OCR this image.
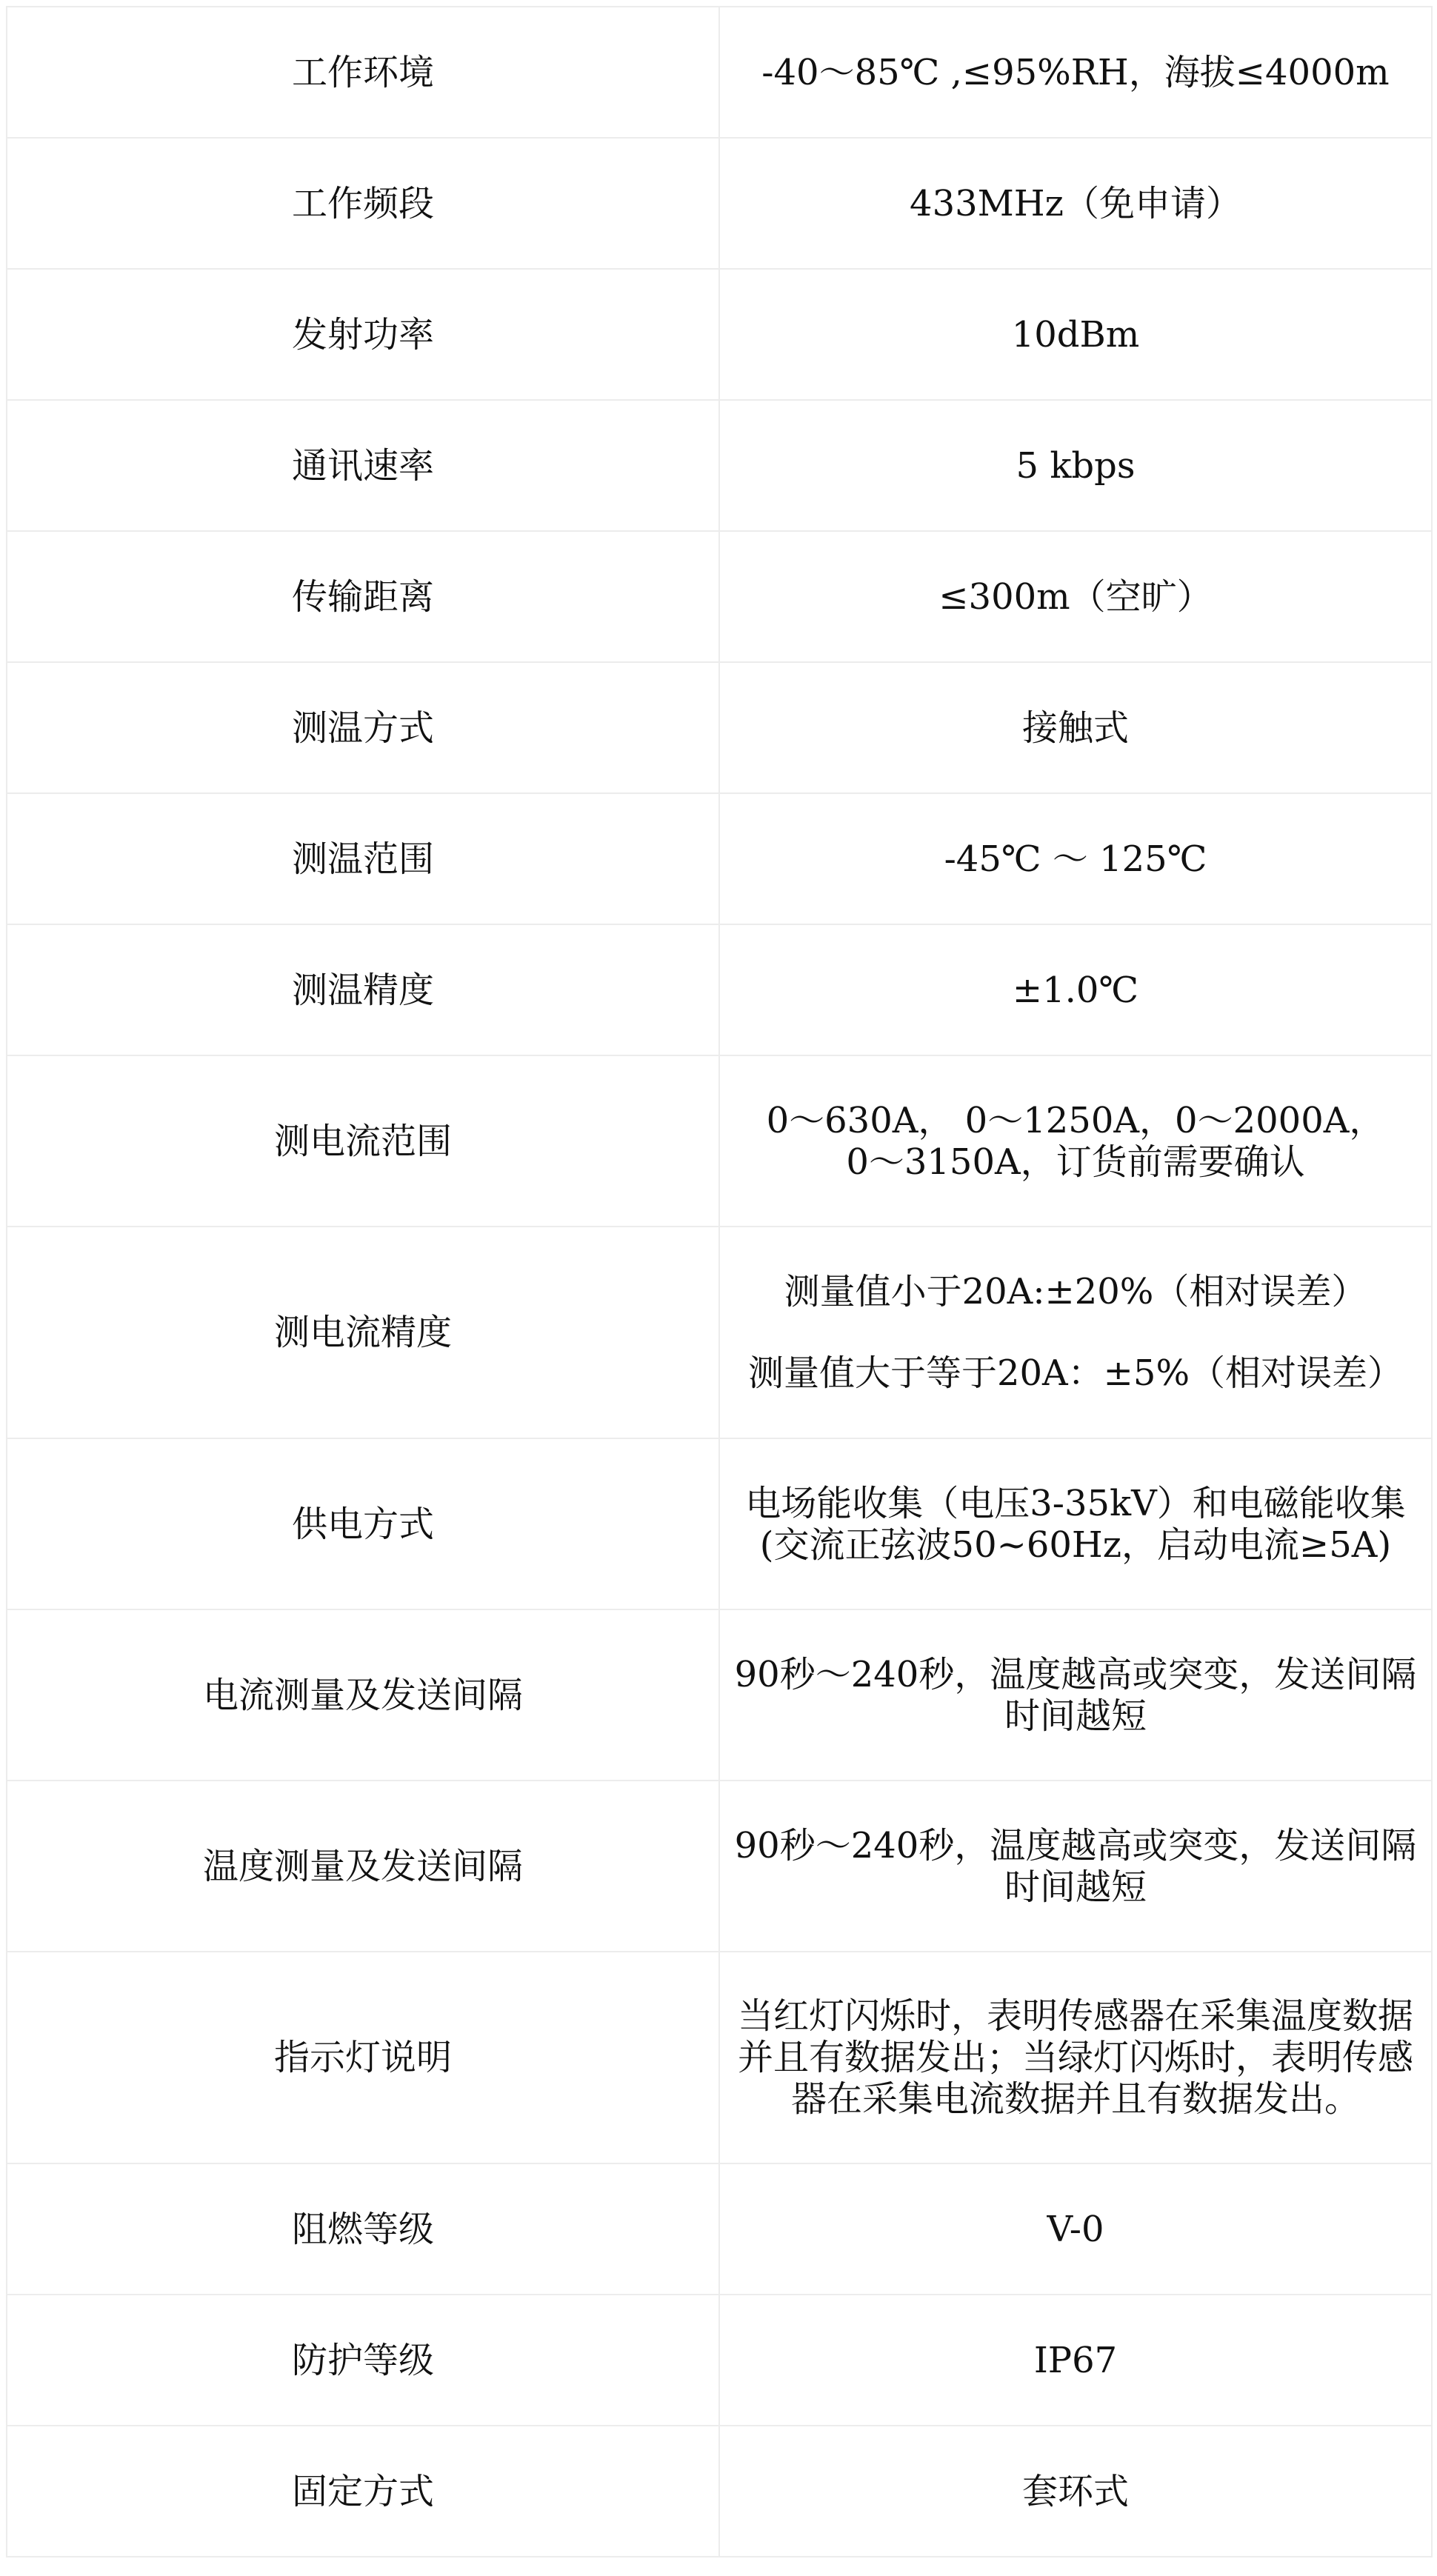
工作环境	-40～85℃ ,≤95%RH，海拔≤4000m

工作频段	433MHz（免申请）

发射功率	10dBm

通讯速率	5 kbps

传输距离	≤300m（空旷）

测温方式	接触式

测温范围	-45℃ ～ 125℃

测温精度	±1.0℃

测电流范围	0～630A， 0～1250A，0～2000A，
0～3150A，订货前需要确认

测电流精度	测量值小于20A:±20%（相对误差）
测量值大于等于20A：±5%（相对误差）

供电方式	电场能收集（电压3-35kV）和电磁能收集
(交流正弦波50~60Hz，启动电流≥5A)

电流测量及发送间隔	90秒～240秒，温度越高或突变，发送间隔
时间越短

温度测量及发送间隔	90秒～240秒，温度越高或突变，发送间隔
时间越短

指示灯说明	当红灯闪烁时，表明传感器在采集温度数据
并且有数据发出；当绿灯闪烁时，表明传感
器在采集电流数据并且有数据发出。

阻燃等级	V-0

防护等级	IP67

固定方式	套环式
